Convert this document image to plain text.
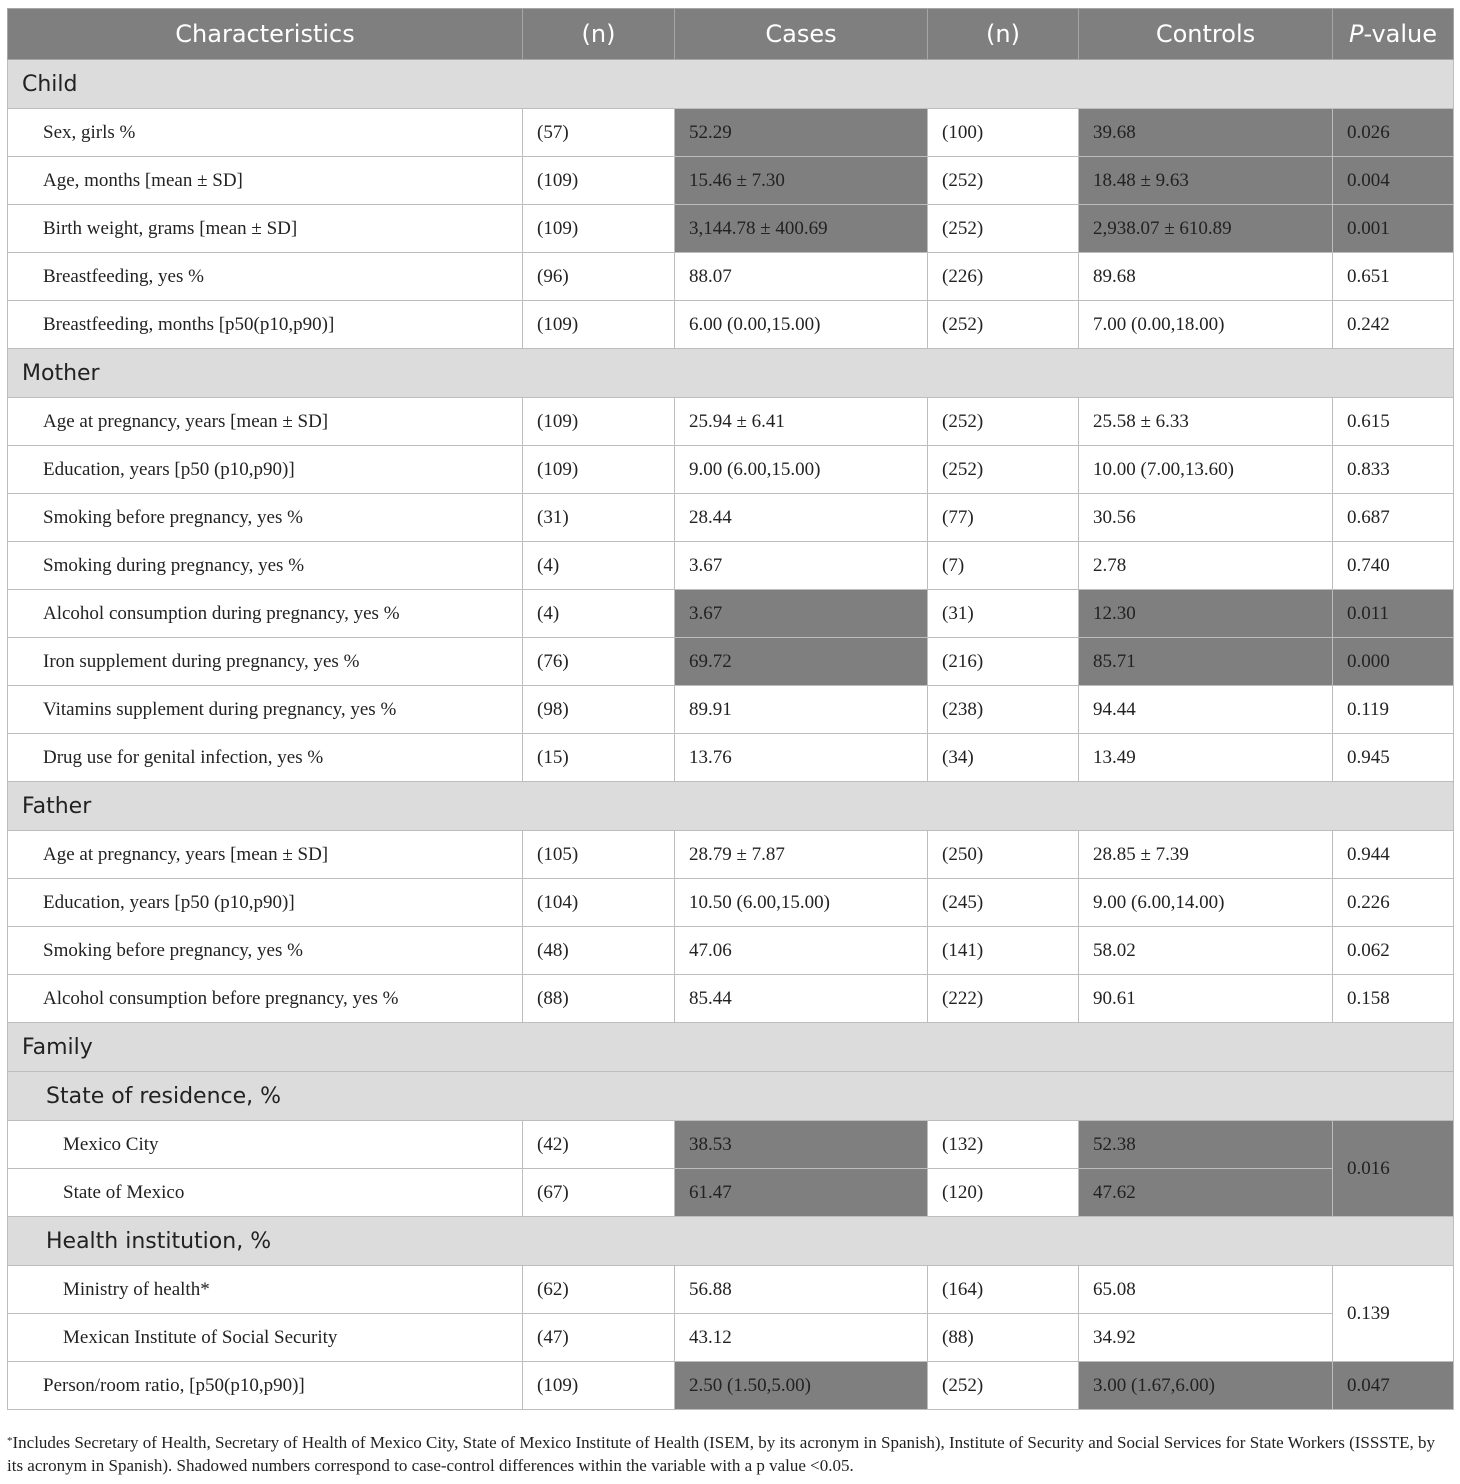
Characteristics	(n)	Cases	(n)	Controls	P-value
Child					
Sex, girls %	(57)	52.29	(100)	39.68	0.026
Age, months [mean ± SD]	(109)	15.46 ± 7.30	(252)	18.48 ± 9.63	0.004
Birth weight, grams [mean ± SD]	(109)	3,144.78 ± 400.69	(252)	2,938.07 ± 610.89	0.001
Breastfeeding, yes %	(96)	88.07	(226)	89.68	0.651
Breastfeeding, months [p50(p10,p90)]	(109)	6.00 (0.00,15.00)	(252)	7.00 (0.00,18.00)	0.242
Mother					
Age at pregnancy, years [mean ± SD]	(109)	25.94 ± 6.41	(252)	25.58 ± 6.33	0.615
Education, years [p50 (p10,p90)]	(109)	9.00 (6.00,15.00)	(252)	10.00 (7.00,13.60)	0.833
Smoking before pregnancy, yes %	(31)	28.44	(77)	30.56	0.687
Smoking during pregnancy, yes %	(4)	3.67	(7)	2.78	0.740
Alcohol consumption during pregnancy, yes %	(4)	3.67	(31)	12.30	0.011
Iron supplement during pregnancy, yes %	(76)	69.72	(216)	85.71	0.000
Vitamins supplement during pregnancy, yes %	(98)	89.91	(238)	94.44	0.119
Drug use for genital infection, yes %	(15)	13.76	(34)	13.49	0.945
Father					
Age at pregnancy, years [mean ± SD]	(105)	28.79 ± 7.87	(250)	28.85 ± 7.39	0.944
Education, years [p50 (p10,p90)]	(104)	10.50 (6.00,15.00)	(245)	9.00 (6.00,14.00)	0.226
Smoking before pregnancy, yes %	(48)	47.06	(141)	58.02	0.062
Alcohol consumption before pregnancy, yes %	(88)	85.44	(222)	90.61	0.158
Family					
State of residence, %					
Mexico City	(42)	38.53	(132)	52.38	0.016
State of Mexico	(67)	61.47	(120)	47.62	
Health institution, %					
Ministry of health*	(62)	56.88	(164)	65.08	0.139
Mexican Institute of Social Security	(47)	43.12	(88)	34.92	
Person/room ratio, [p50(p10,p90)]	(109)	2.50 (1.50,5.00)	(252)	3.00 (1.67,6.00)	0.047
*Includes Secretary of Health, Secretary of Health of Mexico City, State of Mexico Institute of Health (ISEM, by its acronym in Spanish), Institute of Security and Social Services for State Workers (ISSSTE, by its acronym in Spanish). Shadowed numbers correspond to case-control differences within the variable with a p value <0.05.
